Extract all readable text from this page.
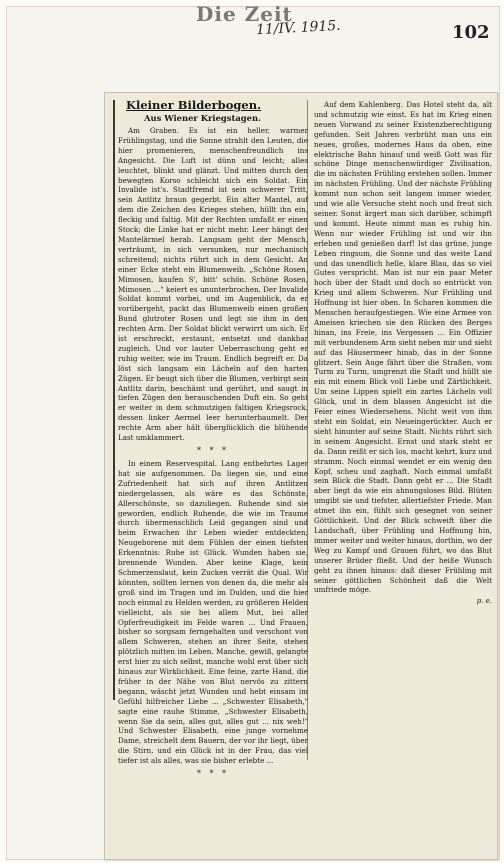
Die Zeit
11/IV. 1915.	102
Kleiner Bilderbogen.
Aus Wiener Kriegstagen.

Am Graben. Es ist ein heller, warmer Frühlingstag, und die Sonne strahlt den Leuten, die hier promenieren, menschenfreundlich ins Angesicht. Die Luft ist dünn und leicht; alles leuchtet, blinkt und glänzt. Und mitten durch den bewegten Korso schleicht sich ein Soldat. Ein Invalide ist's. Stadtfremd ist sein schwerer Tritt, sein Antlitz braun gegerbt. Ein alter Mantel, auf dem die Zeichen des Krieges stehen, hüllt ihn ein, fleckig und faltig. Mit der Rechten umfaßt er einen Stock; die Linke hat er nicht mehr. Leer hängt der Mantelärmel herab. Langsam geht der Mensch, verträumt, in sich versunken, nur mechanisch schreitend; nichts rührt sich in dem Gesicht. An einer Ecke steht ein Blumenweib. „Schöne Rosen, Mimosen, kaufen S', bitt' schön. Schöne Rosen, Mimosen ..." keiert es ununterbrochen. Der Invalide Soldat kommt vorbei, und im Augenblick, da er vorübergeht, packt das Blumenweib einen großen Bund glutroter Rosen und legt sie ihm in den rechten Arm. Der Soldat blickt verwirrt um sich. Er ist erschreckt, erstaunt, entsetzt und dankbar zugleich. Und vor lauter Ueberraschung geht er ruhig weiter, wie im Traum. Endlich begreift er. Da löst sich langsam ein Lächeln auf den harten Zügen. Er beugt sich über die Blumen, verbirgt sein Antlitz darin, beschämt und gerührt, und saugt in tiefen Zügen den berauschenden Duft ein. So geht er weiter in dem schmutzigen faltigen Kriegsrock, dessen linker Aermel leer herunterbaumelt. Der rechte Arm aber hält überglücklich die blühende Last umklammert.

* * *

In einem Reservespital. Lang entbehrtes Lager hat sie aufgenommen. Da liegen sie, und eine Zufriedenheit hat sich auf ihren Antlitzen niedergelassen, als wäre es das Schönste, Allerschönste, so dazuliegen. Ruhende sind sie geworden, endlich Ruhende, die wie im Traume durch übermenschlich Leid gegangen sind und beim Erwachen ihr Leben wieder entdeckten; Neugeborene mit dem Fühlen der einen tiefsten Erkenntnis: Ruhe ist Glück. Wunden haben sie, brennende Wunden. Aber keine Klage, kein Schmerzenslaut, kein Zucken verrät die Qual. Wir könnten, sollten lernen von denen da, die mehr als groß sind im Tragen und im Dulden, und die hier noch einmal zu Helden werden, zu größeren Helden vielleicht, als sie bei allem Mut, bei aller Opferfreudigkeit im Felde waren ... Und Frauen, bisher so sorgsam ferngehalten und verschont von allem Schweren, stehen an ihrer Seite, stehen plötzlich mitten im Leben. Manche, gewiß, gelangte erst hier zu sich selbst, manche wohl erst über sich hinaus zur Wirklichkeit. Eine feine, zarte Hand, die früher in der Nähe von Blut nervös zu zittern begann, wäscht jetzt Wunden und hebt einsam im Gefühl hilfreicher Liebe ... „Schwester Elisabeth," sagte eine rauhe Stimme, „Schwester Elisabeth, wenn Sie da sein, alles gut, alles gut ... nix weh!" Und Schwester Elisabeth, eine junge vornehme Dame, streichelt dem Bauern, der vor ihr liegt, über die Stirn, und ein Glück ist in der Frau, das viel tiefer ist als alles, was sie bisher erlebte ...

* * *

Auf dem Kahlenberg. Das Hotel steht da, alt und schmutzig wie einst. Es hat im Krieg einen neuen Vorwand zu seiner Existenzberechtigung gefunden. Seit Jahren verbrüht man uns ein neues, großes, modernes Haus da oben, eine elektrische Bahn hinauf und weiß Gott was für schöne Dinge menschenwürdiger Zivilisation, die im nächsten Frühling erstehen sollen. Immer im nächsten Frühling. Und der nächste Frühling kommt nun schon seit langem immer wieder, und wie alle Versuche steht noch und freut sich seiner. Sonst ärgert man sich darüber, schimpft und kommt. Heute nimmt man es ruhig hin. Wenn nur wieder Frühling ist und wir ihn erleben und genießen darf! Ist das grüne, junge Leben ringsum, die Sonne und das weite Land und das unendlich helle, klare Blau, das so viel Gutes verspricht. Man ist nur ein paar Meter hoch über der Stadt und doch so entrückt von Krieg und allem Schweren. Nur Frühling und Hoffnung ist hier oben. In Scharen kommen die Menschen heraufgestiegen. Wie eine Armee von Ameisen kriechen sie den Rücken des Berges hinan, ins Freie, ins Vergessen ... Ein Offizier mit verbundenem Arm sieht neben mir und sieht auf das Häusermeer hinab, das in der Sonne glitzert. Sein Auge fährt über die Straßen, vom Turm zu Turm, umgrenzt die Stadt und hüllt sie ein mit einem Blick voll Liebe und Zärtlichkeit. Um seine Lippen spielt ein zartes Lächeln voll Glück, und in dem blassen Angesicht ist die Feier eines Wiedersehens. Nicht weit von ihm steht ein Soldat, ein Neueingerückter. Auch er sieht hinunter auf seine Stadt. Nichts rührt sich in seinem Angesicht. Ernst und stark steht er da. Dann reißt er sich los, macht kehrt, kurz und stramm. Noch einmal wendet er ein wenig den Kopf, scheu und zaghaft. Noch einmal umfaßt sein Blick die Stadt. Dann geht er ... Die Stadt aber liegt da wie ein ahnungsloses Bild. Blüten umgibt sie und tiefster, allertiefster Friede. Man atmet ihn ein, fühlt sich gesegnet von seiner Göttlichkeit. Und der Blick schweift über die Landschaft, über Frühling und Hoffnung hin, immer weiter und weiter hinaus, dorthin, wo der Weg zu Kampf und Grauen führt, wo das Blut unserer Brüder fließt. Und der heiße Wunsch geht zu ihnen hinaus: daß dieser Frühling mit seiner göttlichen Schönheit daß die Welt umfriede möge.

p. e.
